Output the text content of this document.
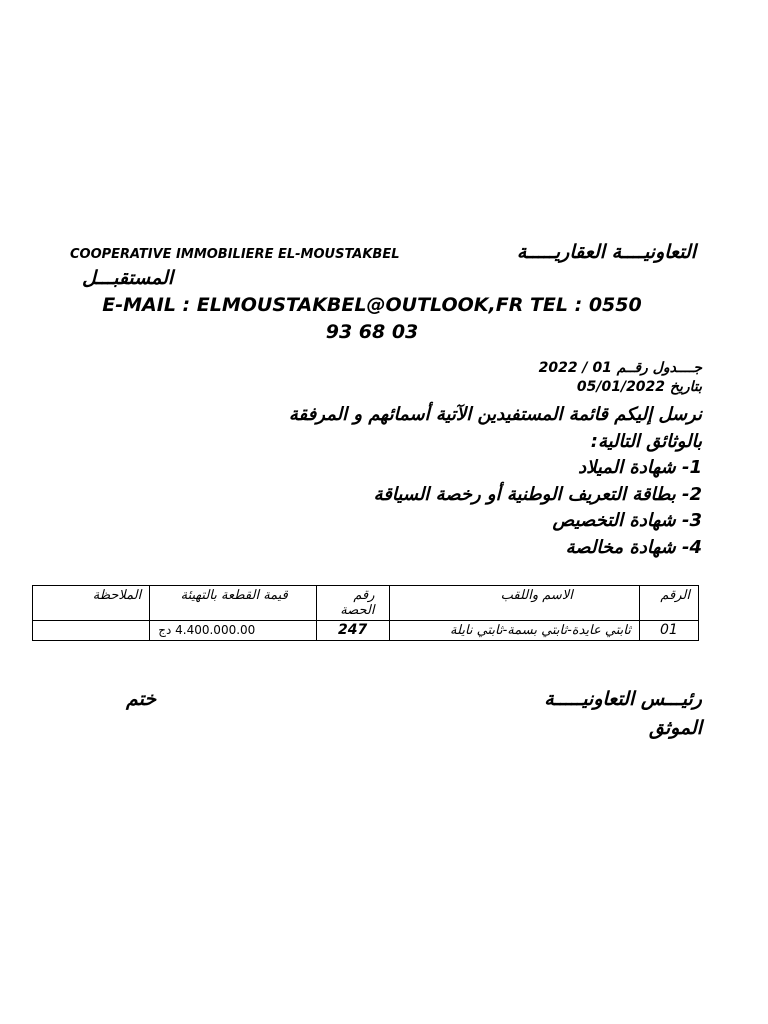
COOPERATIVE IMMOBILIERE EL-MOUSTAKBEL	التعاونيــــة العقاريـــــة
المستقبـــل
E-MAIL : ELMOUSTAKBEL@OUTLOOK,FR TEL : 0550
93 68 03
جــــدول رقــم 01 / 2022
بتاريخ 05/01/2022
نرسل إليكم قائمة المستفيدين الآتية أسمائهم و المرفقة
بالوثائق التالية:
1- شهادة الميلاد
2- بطاقة التعريف الوطنية أو رخصة السياقة
3- شهادة التخصيص
4- شهادة مخالصة
الملاحظة	قيمة القطعة بالتهيئة	رقم الحصة	الاسم واللقب	الرقم
	4.400.000.00 دج	247	ثابتي عايدة-ثابتي بسمة-ثابتي نايلة	01
رئيـــس التعاونيـــــة
ختم
الموثق
